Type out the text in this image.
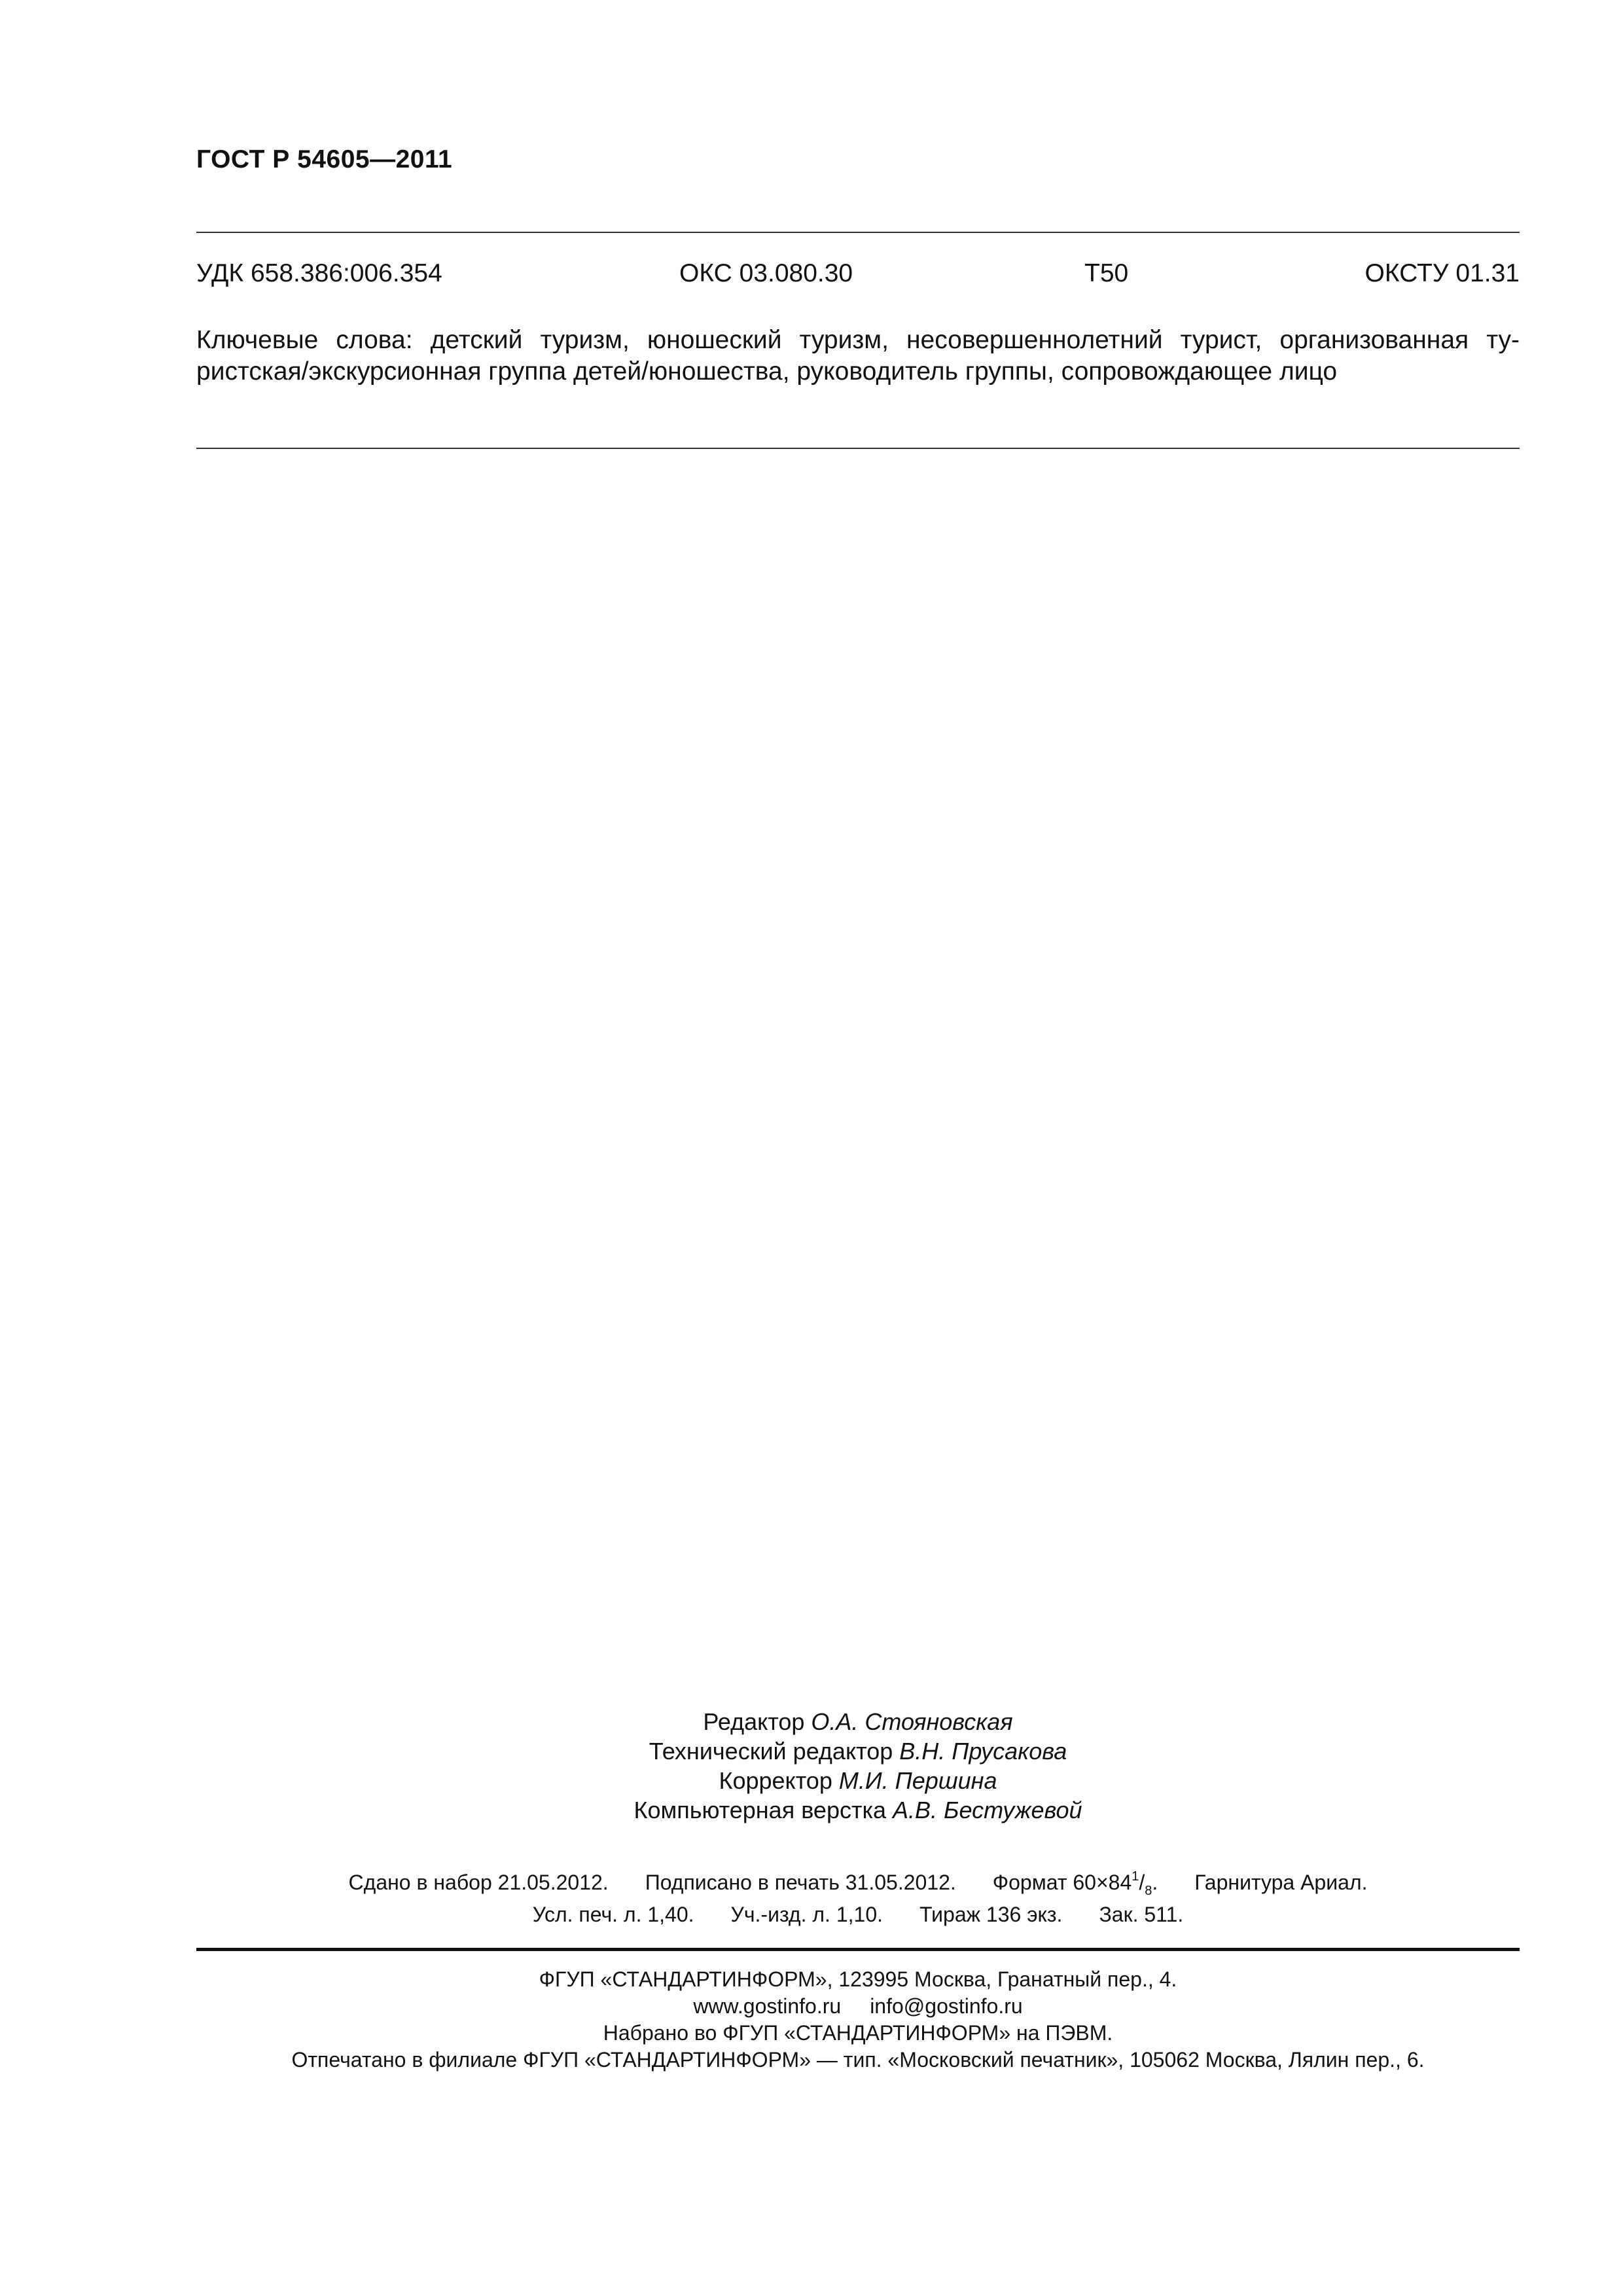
ГОСТ Р 54605—2011
УДК 658.386:006.354	ОКС 03.080.30	Т50	ОКСТУ 01.31
Ключевые слова: детский туризм, юношеский туризм, несовершеннолетний турист, организованная ту-
ристская/экскурсионная группа детей/юношества, руководитель группы, сопровождающее лицо
Редактор О.А. Стояновская
Технический редактор В.Н. Прусакова
Корректор М.И. Першина
Компьютерная верстка А.В. Бестужевой
Сдано в набор 21.05.2012. Подписано в печать 31.05.2012. Формат $60\times 84^1/_8$. Гарнитура Ариал.
Усл. печ. л. 1,40. Уч.-изд. л. 1,10. Тираж 136 экз. Зак. 511.
ФГУП «СТАНДАРТИНФОРМ», 123995 Москва, Гранатный пер., 4.
www.gostinfo.ru info@gostinfo.ru
Набрано во ФГУП «СТАНДАРТИНФОРМ» на ПЭВМ.
Отпечатано в филиале ФГУП «СТАНДАРТИНФОРМ» — тип. «Московский печатник», 105062 Москва, Лялин пер., 6.
